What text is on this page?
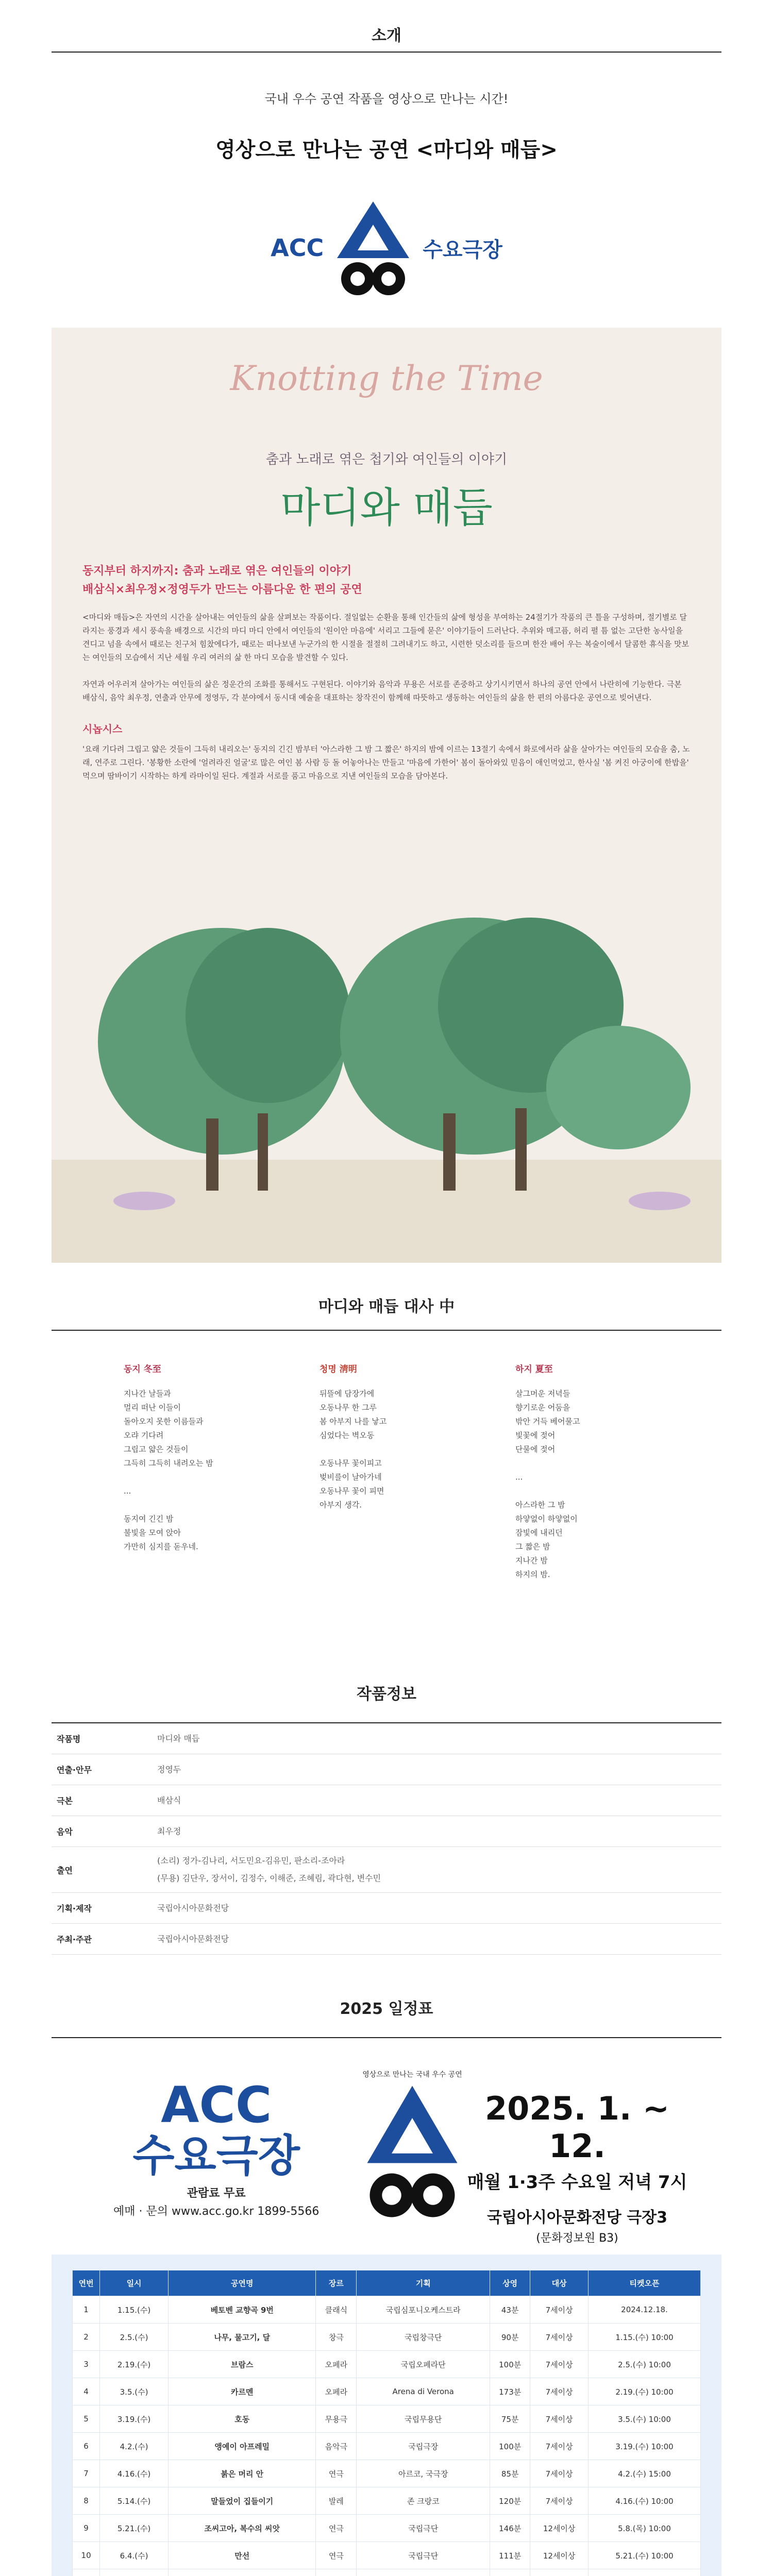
소개
국내 우수 공연 작품을 영상으로 만나는 시간!
영상으로 만나는 공연 <마디와 매듭>
ACC	수요극장
Knotting the Time
춤과 노래로 엮은 첩기와 여인들의 이야기
마디와 매듭
동지부터 하지까지: 춤과 노래로 엮은 여인들의 이야기
배삼식×최우정×정영두가 만드는 아름다운 한 편의 공연

<마디와 매듭>은 자연의 시간을 살아내는 여인들의 삶을 살펴보는 작품이다. 절일없는 순환을 통해 인간들의 삶에 형성을 부여하는 24절기가 작품의 큰 틀을 구성하며, 절기별로 달라지는 풍경과 세시 풍속을 배경으로 시간의 마디 마디 안에서 여인들의 '원이안 마음에' 서리고 그들에 묻은' 이야기들이 드러난다. 추위와 매고픔, 허리 펼 틈 없는 고단한 농사일을 견디고 넘을 속에서 때로는 친구처 힘찼에다가, 때로는 떠나보낸 누군가의 한 시절을 절절히 그려내기도 하고, 시련한 덧소리를 들으며 한잔 배어 우는 복술이에서 달콤한 휴식을 맛보는 여인들의 모습에서 지난 세월 우리 여러의 삶 한 마디 모습을 발견할 수 있다.

자연과 어우러져 살아가는 여인들의 삶은 정운간의 조화를 통해서도 구현된다. 이야기와 음악과 무용은 서로를 존중하고 상기시키면서 하나의 공연 안에서 나란히에 기능한다. 극본 배삼식, 음악 최우정, 연출과 안무에 정영두, 각 분야에서 동시대 예술을 대표하는 창작진이 함께해 따뜻하고 생동하는 여인들의 삶을 한 편의 아름다운 공연으로 빚어낸다.

시놉시스

'요래 기다려 그립고 얇은 것들이 그득히 내리오는' 동지의 긴긴 밤부터 '아스라한 그 밤 그 짧은' 하지의 밤에 이르는 13절기 속에서 화로에서라 삶을 살아가는 여인들의 모습을 춤, 노래, 연주로 그린다. '봉황한 소란에 '얼려라진 얼굴'로 많은 여인 봄 사람 등 돌 어놓아나는 만들고 '마음에 가한어' 봄이 돌아와있 믿음이 애인먹었고, 한사실 '봄 켜진 아궁이에 한밥을' 먹으며 땀바이기 시작하는 하게 라마이일 된다. 계절과 서로를 품고 마음으로 지낸 여인들의 모습을 담아본다.

마디와 매듭 대사 中
동지 冬至

지나간 날들과

멀리 떠난 이들이

돌아오지 못한 이름들과

오랴 기다려

그립고 얇은 것들이

그득히 그득히 내려오는 밤

...

동지여 긴긴 밤

불빛을 모여 앉아

가만히 심지를 돋우네.

청명 淸明

뒤뜰에 담장가에

오동나무 한 그루

봄 아부지 나를 낳고

심었다는 벽오동

오동나무 꽃이피고

벚비를이 날아가네

오동나무 꽃이 피면

아부지 생각.

하지 夏至

살그머운 저녁들

향기로운 어둠을

밖안 거득 베어물고

빛꽃에 젖어

단물에 젖어

...

아스라한 그 밤

하얗없이 하얗없이

잠빛에 내리던

그 짧은 밤

지나간 밤

하지의 밤.

작품정보
작품명	마디와 매듭
연출·안무	정영두
극본	배삼식
음악	최우정
출연
(소리) 정가-김나리, 서도민요-김유민, 판소리-조아라
(무용) 김단우, 장서이, 김정수, 이해준, 조혜림, 곽다현, 변수민
기획·제작	국립아시아문화전당
주최·주관	국립아시아문화전당
2025 일정표
ACC
수요극장
관람료 무료
예매 · 문의 www.acc.go.kr 1899-5566
영상으로 만나는 국내 우수 공연
2025. 1. ~ 12.
매월 1·3주 수요일 저녁 7시
국립아시아문화전당 극장3
(문화정보원 B3)
연번	일시	공연명	장르	기획	상영	대상	티켓오픈
1	1.15.(수)	베토벤 교향곡 9번	클래식	국립심포니오케스트라	43분	7세이상	2024.12.18.
2	2.5.(수)	나무, 물고기, 달	창극	국립창극단	90분	7세이상	1.15.(수) 10:00
3	2.19.(수)	브람스	오페라	국립오페라단	100분	7세이상	2.5.(수) 10:00
4	3.5.(수)	카르멘	오페라	Arena di Verona	173분	7세이상	2.19.(수) 10:00
5	3.19.(수)	호동	무용극	국립무용단	75분	7세이상	3.5.(수) 10:00
6	4.2.(수)	앵예이 아프레밀	음악극	국립극장	100분	7세이상	3.19.(수) 10:00
7	4.16.(수)	붉은 머리 안	연극	아르코, 국극장	85분	7세이상	4.2.(수) 15:00
8	5.14.(수)	말들었이 집들이기	발레	존 크랑코	120분	7세이상	4.16.(수) 10:00
9	5.21.(수)	조씨고아, 복수의 씨앗	연극	국립극단	146분	12세이상	5.8.(목) 10:00
10	6.4.(수)	만선	연극	국립극단	111분	12세이상	5.21.(수) 10:00
